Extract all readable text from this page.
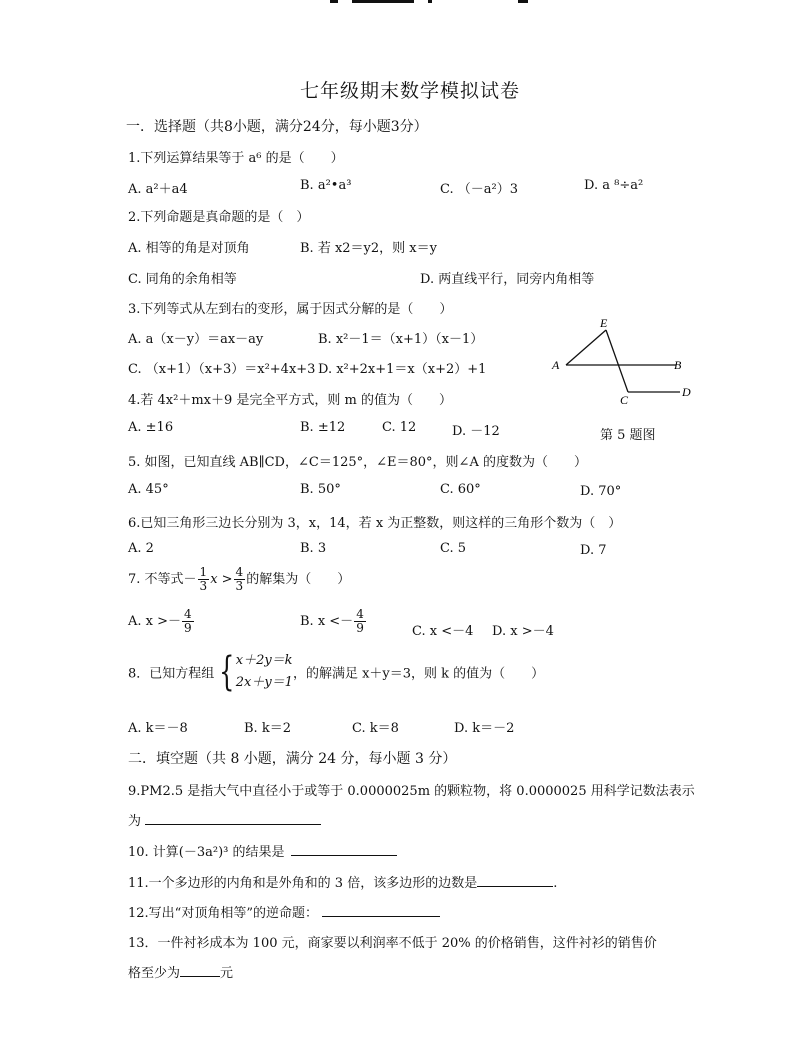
七年级期末数学模拟试卷
一．选择题（共8小题，满分24分，每小题3分）
1.下列运算结果等于 a⁶ 的是（　　）
A. a²＋a4	B. a²•a³	C. （－a²）3	D. a ⁸÷a²
2.下列命题是真命题的是（　）
A. 相等的角是对顶角	B. 若 x2＝y2，则 x＝y
C. 同角的余角相等	D. 两直线平行，同旁内角相等
3.下列等式从左到右的变形，属于因式分解的是（　　）
A. a（x－y）＝ax－ay	B. x²－1＝（x+1）（x－1）
C. （x+1）（x+3）＝x²+4x+3 D. x²+2x+1＝x（x+2）+1
E
A	B
C
D
4.若 4x²＋mx＋9 是完全平方式，则 m 的值为（　　）
A. ±16	B. ±12	C. 12	D. －12	第 5 题图
5. 如图，已知直线 AB∥CD，∠C＝125°，∠E＝80°，则∠A 的度数为（　　）
A. 45°	B. 50°	C. 60°	D. 70°
6.已知三角形三边长分别为 3，x，14，若 x 为正整数，则这样的三角形个数为（　）
A. 2	B. 3	C. 5	D. 7
7. 不等式－ $\frac{1}{3}$ $x > \frac{4}{3}$ 的解集为（　　）
A. $x >- \frac{4}{9}$	B. $x <- \frac{4}{9}$	C. x <－4 D. x >－4
8．已知方程组 { x＋2y＝k
2x＋y＝1
，的解满足 x＋y＝3，则 k 的值为（　　）
A. k＝－8	B. k＝2	C. k＝8	D. k＝－2
二．填空题（共 8 小题，满分 24 分，每小题 3 分）
9.PM2.5 是指大气中直径小于或等于 0.0000025m 的颗粒物，将 0.0000025 用科学记数法表示
为
10. 计算(－3a²)³ 的结果是
11.一个多边形的内角和是外角和的 3 倍，该多边形的边数是	.
12.写出“对顶角相等”的逆命题：
13．一件衬衫成本为 100 元，商家要以利润率不低于 20% 的价格销售，这件衬衫的销售价
格至少为	元
